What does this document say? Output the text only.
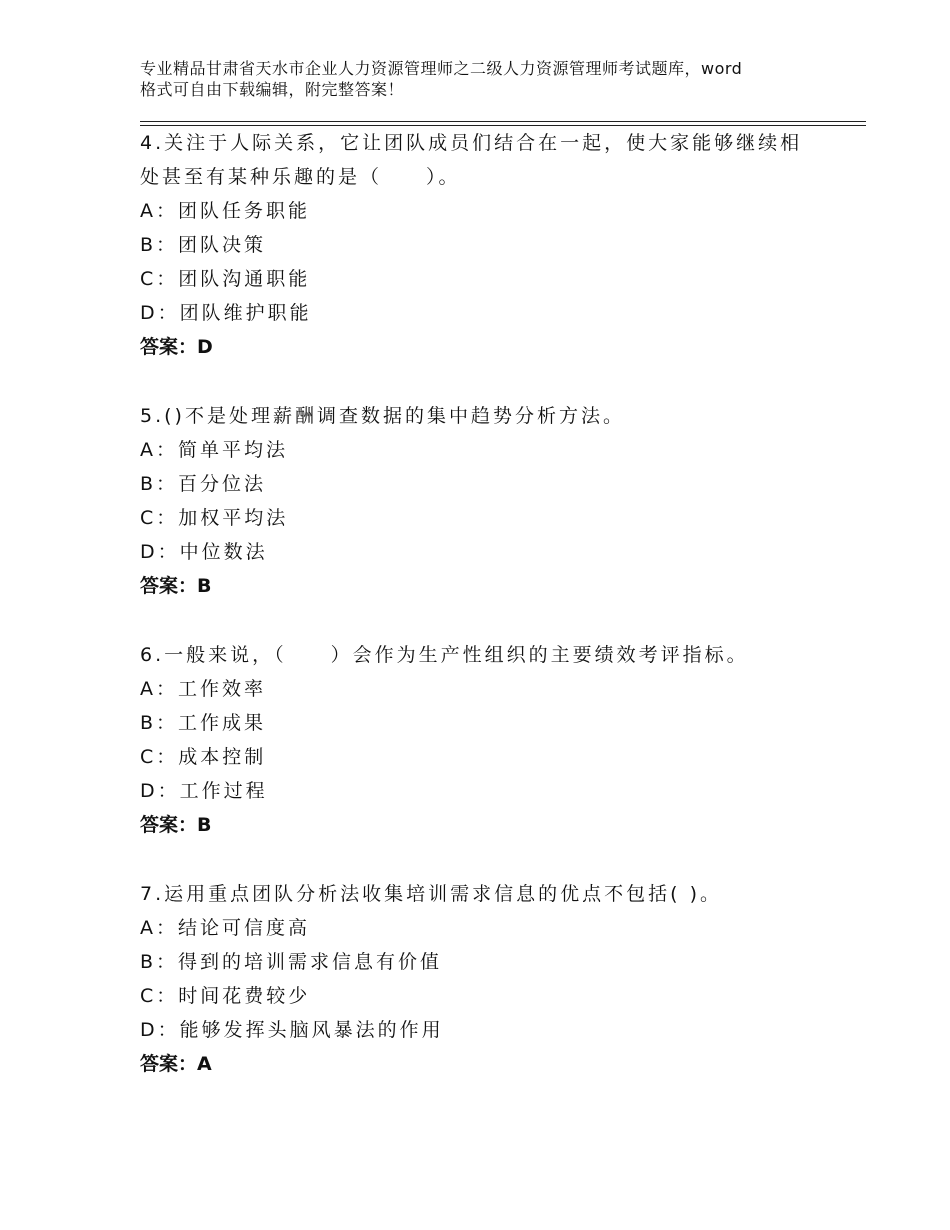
专业精品甘肃省天水市企业人力资源管理师之二级人力资源管理师考试题库，word
格式可自由下载编辑，附完整答案！
4.关注于人际关系，它让团队成员们结合在一起，使大家能够继续相
处甚至有某种乐趣的是（　　）。
A：团队任务职能
B：团队决策
C：团队沟通职能
D：团队维护职能
答案：D
5.()不是处理薪酬调查数据的集中趋势分析方法。
A：简单平均法
B：百分位法
C：加权平均法
D：中位数法
答案：B
6.一般来说，（　　）会作为生产性组织的主要绩效考评指标。
A：工作效率
B：工作成果
C：成本控制
D：工作过程
答案：B
7.运用重点团队分析法收集培训需求信息的优点不包括( )。
A：结论可信度高
B：得到的培训需求信息有价值
C：时间花费较少
D：能够发挥头脑风暴法的作用
答案：A
